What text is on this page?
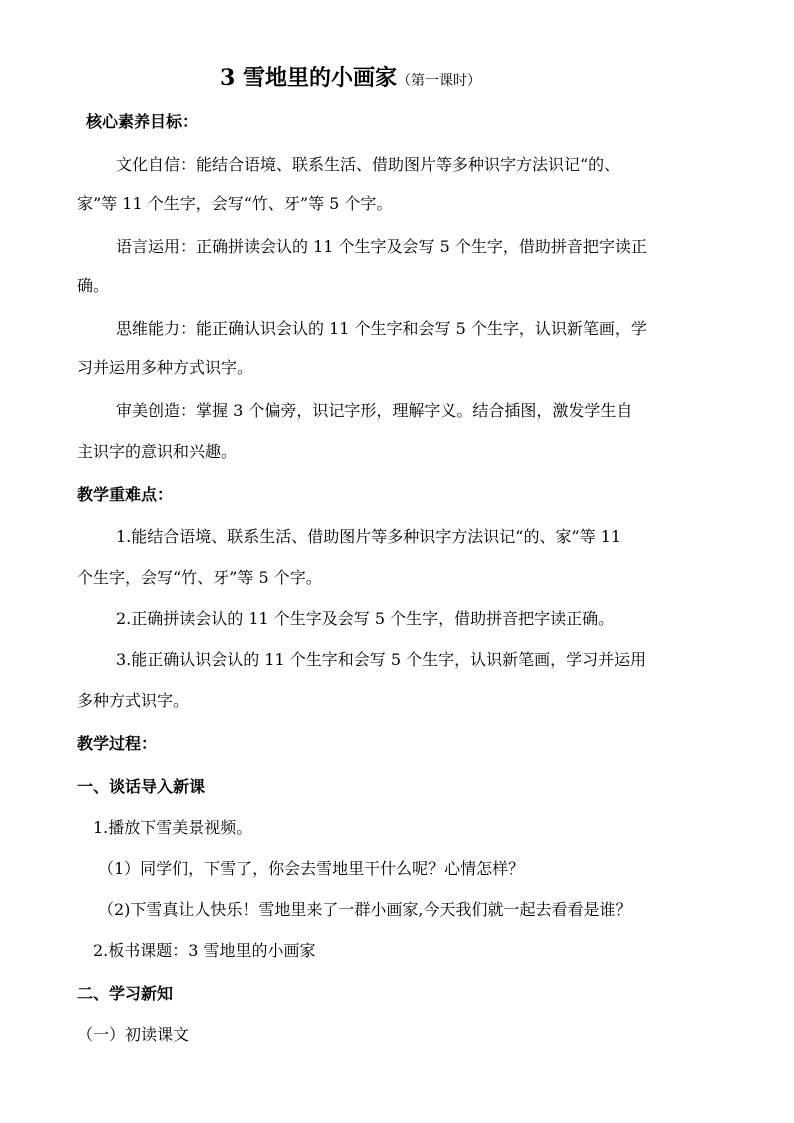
3 雪地里的小画家（第一课时）
核心素养目标：
文化自信：能结合语境、联系生活、借助图片等多种识字方法识记“的、
家”等 11 个生字，会写“竹、牙”等 5 个字。
语言运用：正确拼读会认的 11 个生字及会写 5 个生字，借助拼音把字读正
确。
思维能力：能正确认识会认的 11 个生字和会写 5 个生字，认识新笔画，学
习并运用多种方式识字。
审美创造：掌握 3 个偏旁，识记字形，理解字义。结合插图，激发学生自
主识字的意识和兴趣。
教学重难点：
1.能结合语境、联系生活、借助图片等多种识字方法识记“的、家”等 11
个生字，会写“竹、牙”等 5 个字。
2.正确拼读会认的 11 个生字及会写 5 个生字，借助拼音把字读正确。
3.能正确认识会认的 11 个生字和会写 5 个生字，认识新笔画，学习并运用
多种方式识字。
教学过程：
一、谈话导入新课
1.播放下雪美景视频。
（1）同学们，下雪了，你会去雪地里干什么呢？心情怎样？
（2)下雪真让人快乐！雪地里来了一群小画家,今天我们就一起去看看是谁？
2.板书课题：3 雪地里的小画家
二、学习新知
（一）初读课文
